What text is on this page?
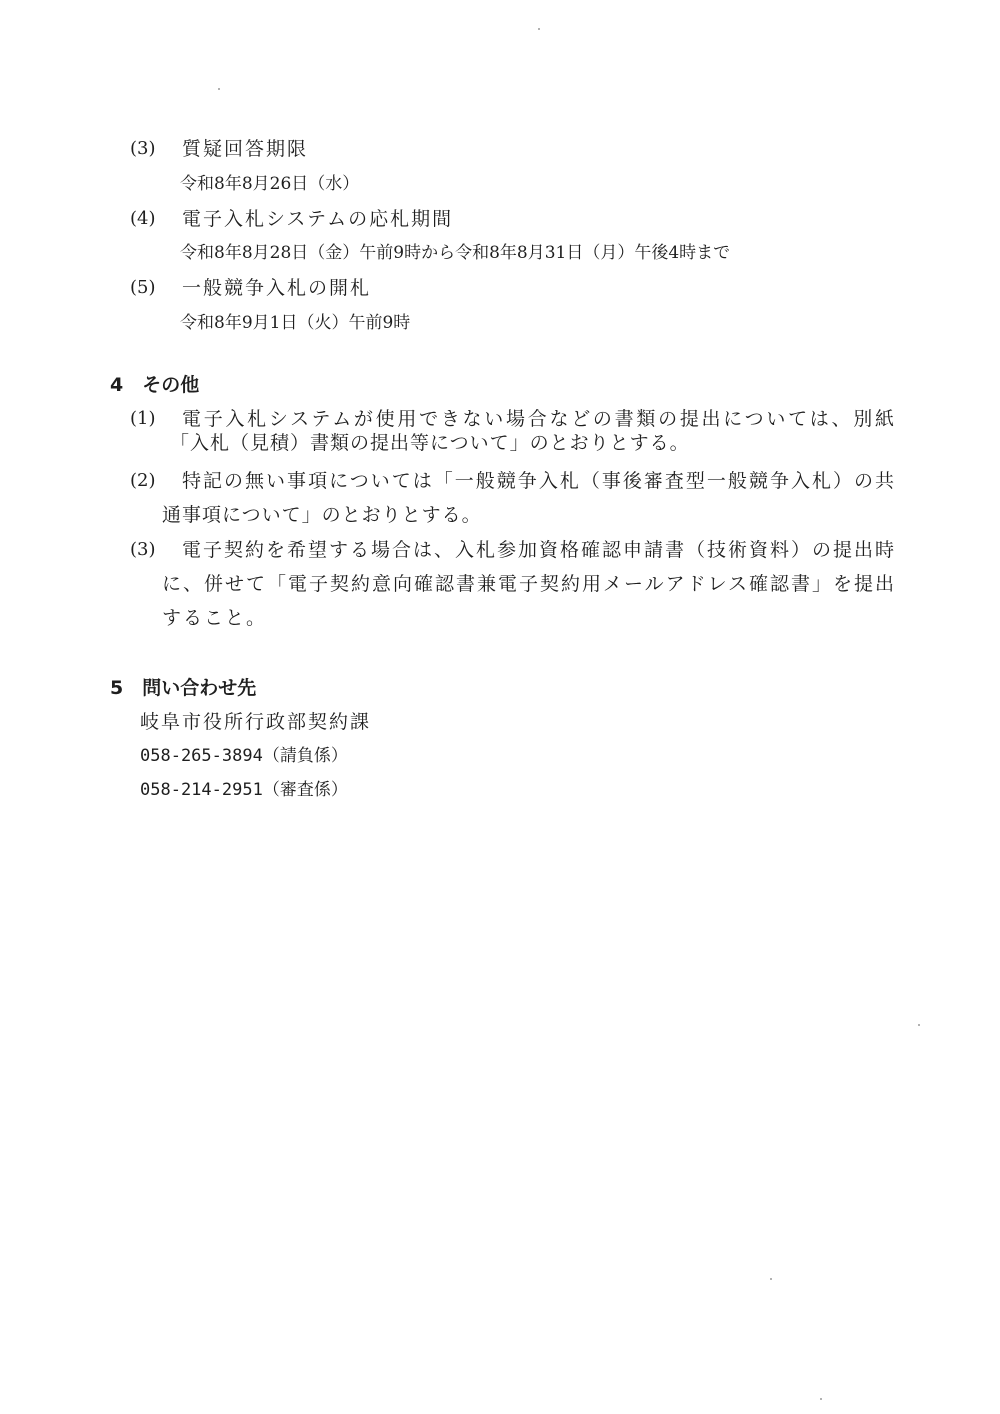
(3) 質疑回答期限
令和8年8月26日（水）
(4) 電子入札システムの応札期間
令和8年8月28日（金）午前9時から令和8年8月31日（月）午後4時まで
(5) 一般競争入札の開札
令和8年9月1日（火）午前9時
4　その他
(1) 電子入札システムが使用できない場合などの書類の提出については、別紙
「入札（見積）書類の提出等について」のとおりとする。
(2) 特記の無い事項については「一般競争入札（事後審査型一般競争入札）の共
通事項について」のとおりとする。
(3) 電子契約を希望する場合は、入札参加資格確認申請書（技術資料）の提出時
に、併せて「電子契約意向確認書兼電子契約用メールアドレス確認書」を提出
すること。
5　問い合わせ先
岐阜市役所行政部契約課
058-265-3894（請負係）
058-214-2951（審査係）
